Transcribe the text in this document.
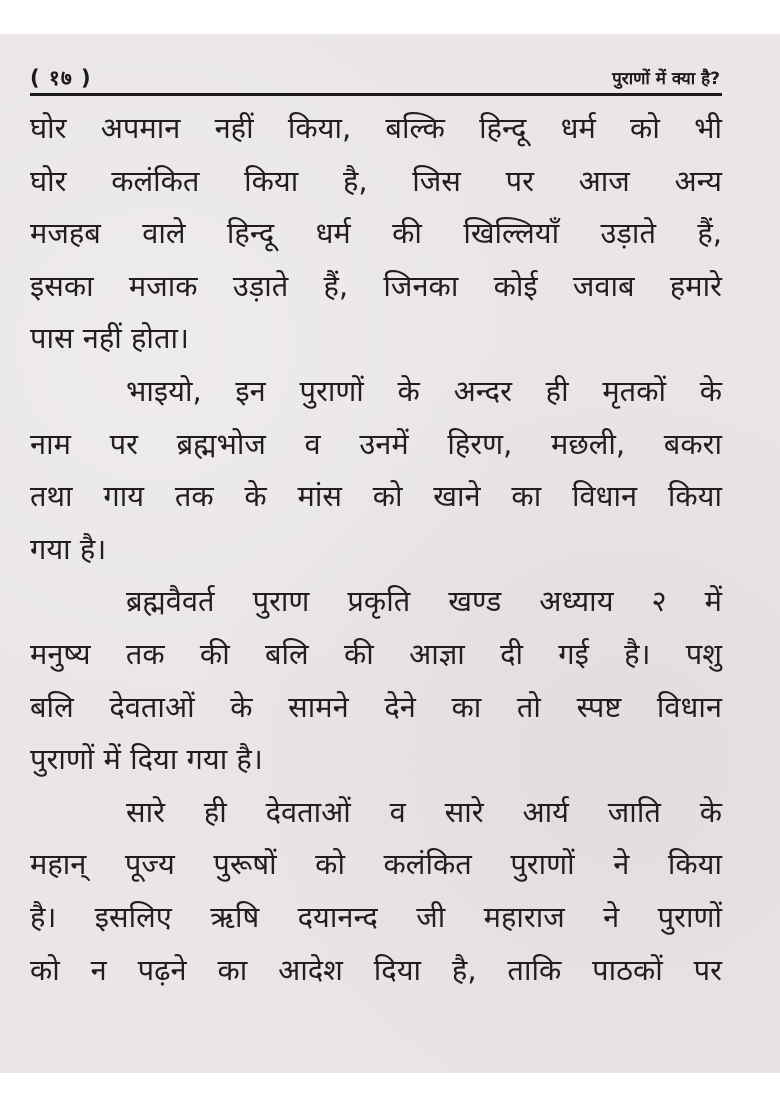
( १७ )	पुराणों में क्या है?
घोर अपमान नहीं किया, बल्कि हिन्दू धर्म को भी
घोर कलंकित किया है, जिस पर आज अन्य
मजहब वाले हिन्दू धर्म की खिल्लियाँ उड़ाते हैं,
इसका मजाक उड़ाते हैं, जिनका कोई जवाब हमारे
पास नहीं होता।
भाइयो, इन पुराणों के अन्दर ही मृतकों के
नाम पर ब्रह्मभोज व उनमें हिरण, मछली, बकरा
तथा गाय तक के मांस को खाने का विधान किया
गया है।
ब्रह्मवैवर्त पुराण प्रकृति खण्ड अध्याय २ में
मनुष्य तक की बलि की आज्ञा दी गई है। पशु
बलि देवताओं के सामने देने का तो स्पष्ट विधान
पुराणों में दिया गया है।
सारे ही देवताओं व सारे आर्य जाति के
महान् पूज्य पुरूषों को कलंकित पुराणों ने किया
है। इसलिए ऋषि दयानन्द जी महाराज ने पुराणों
को न पढ़ने का आदेश दिया है, ताकि पाठकों पर
